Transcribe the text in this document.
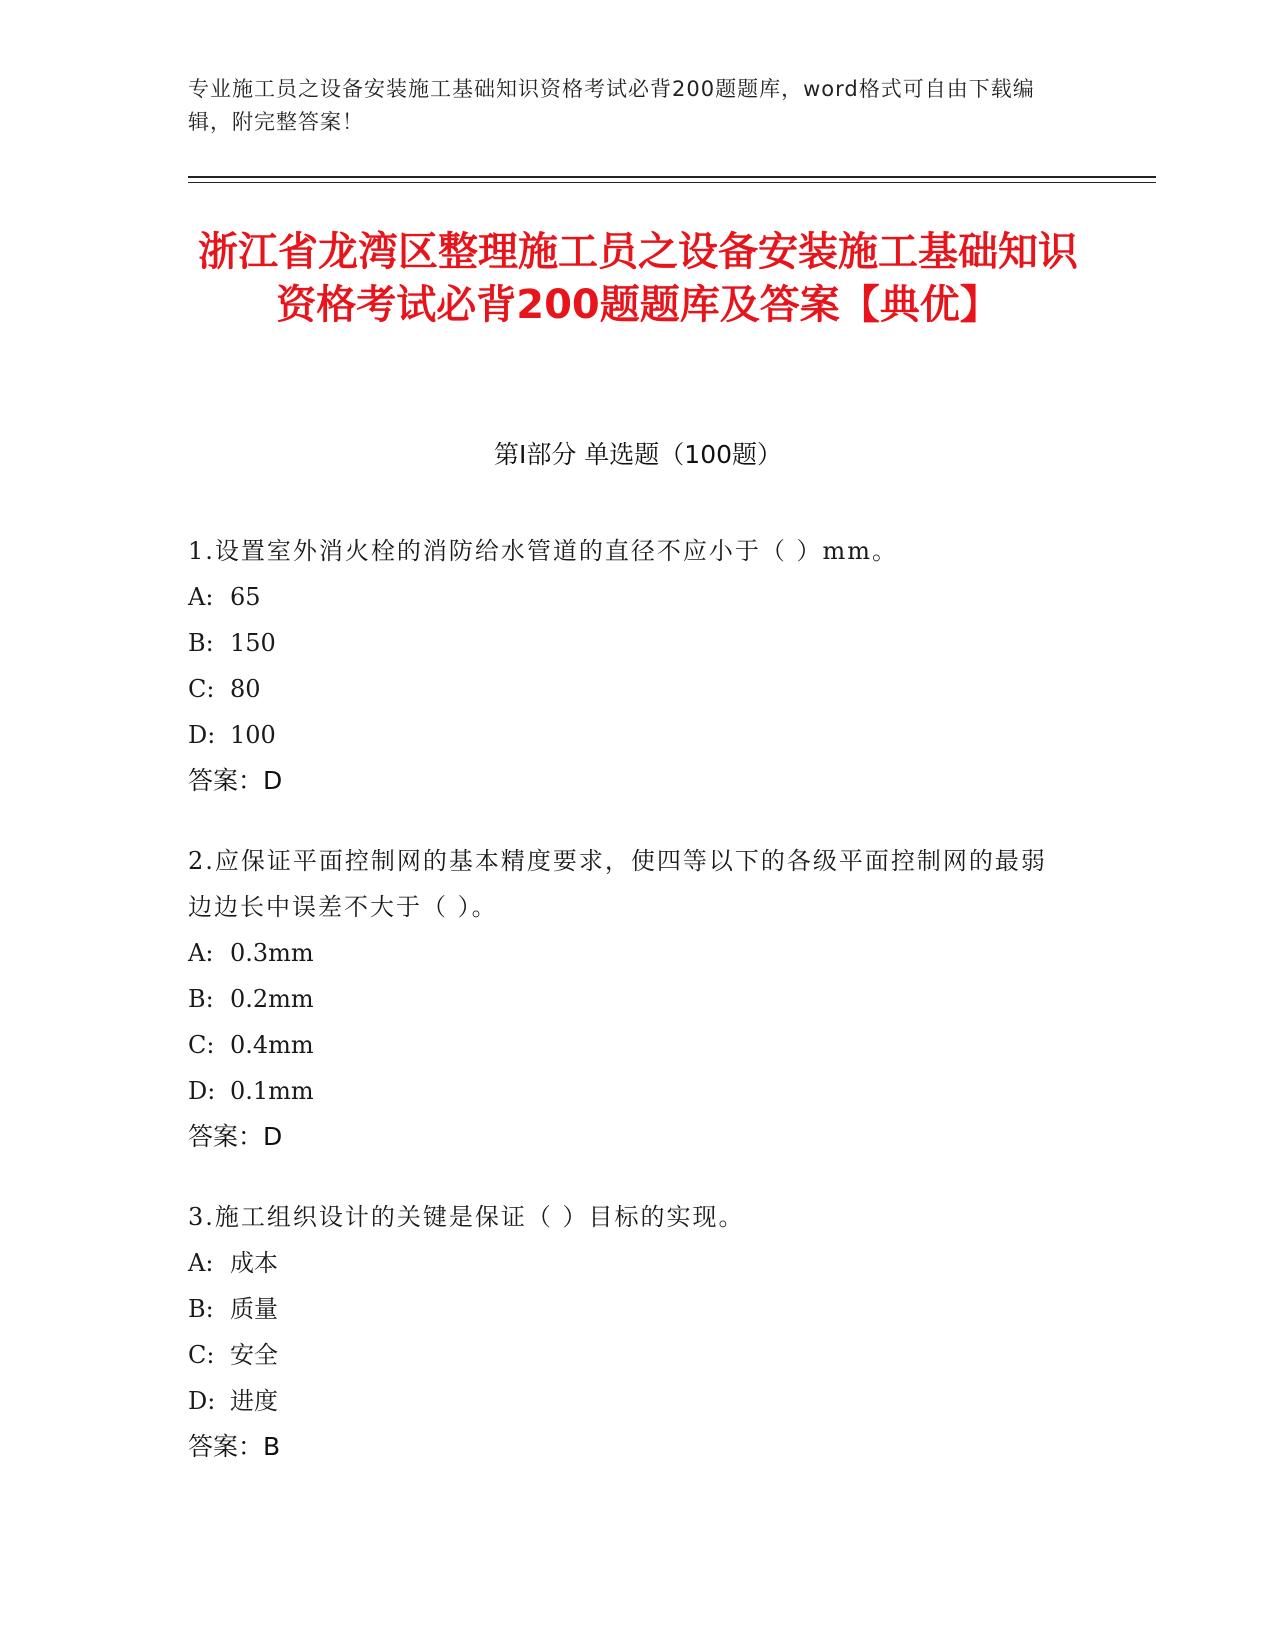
专业施工员之设备安装施工基础知识资格考试必背200题题库，word格式可自由下载编辑，附完整答案！
浙江省龙湾区整理施工员之设备安装施工基础知识资格考试必背200题题库及答案【典优】
第I部分 单选题（100题）

1.设置室外消火栓的消防给水管道的直径不应小于（ ）mm。

A: 65

B: 150

C: 80

D: 100

答案：D

2.应保证平面控制网的基本精度要求，使四等以下的各级平面控制网的最弱边边长中误差不大于（ ）。

A: 0.3mm

B: 0.2mm

C: 0.4mm

D: 0.1mm

答案：D

3.施工组织设计的关键是保证（ ）目标的实现。

A: 成本

B: 质量

C: 安全

D: 进度

答案：B
